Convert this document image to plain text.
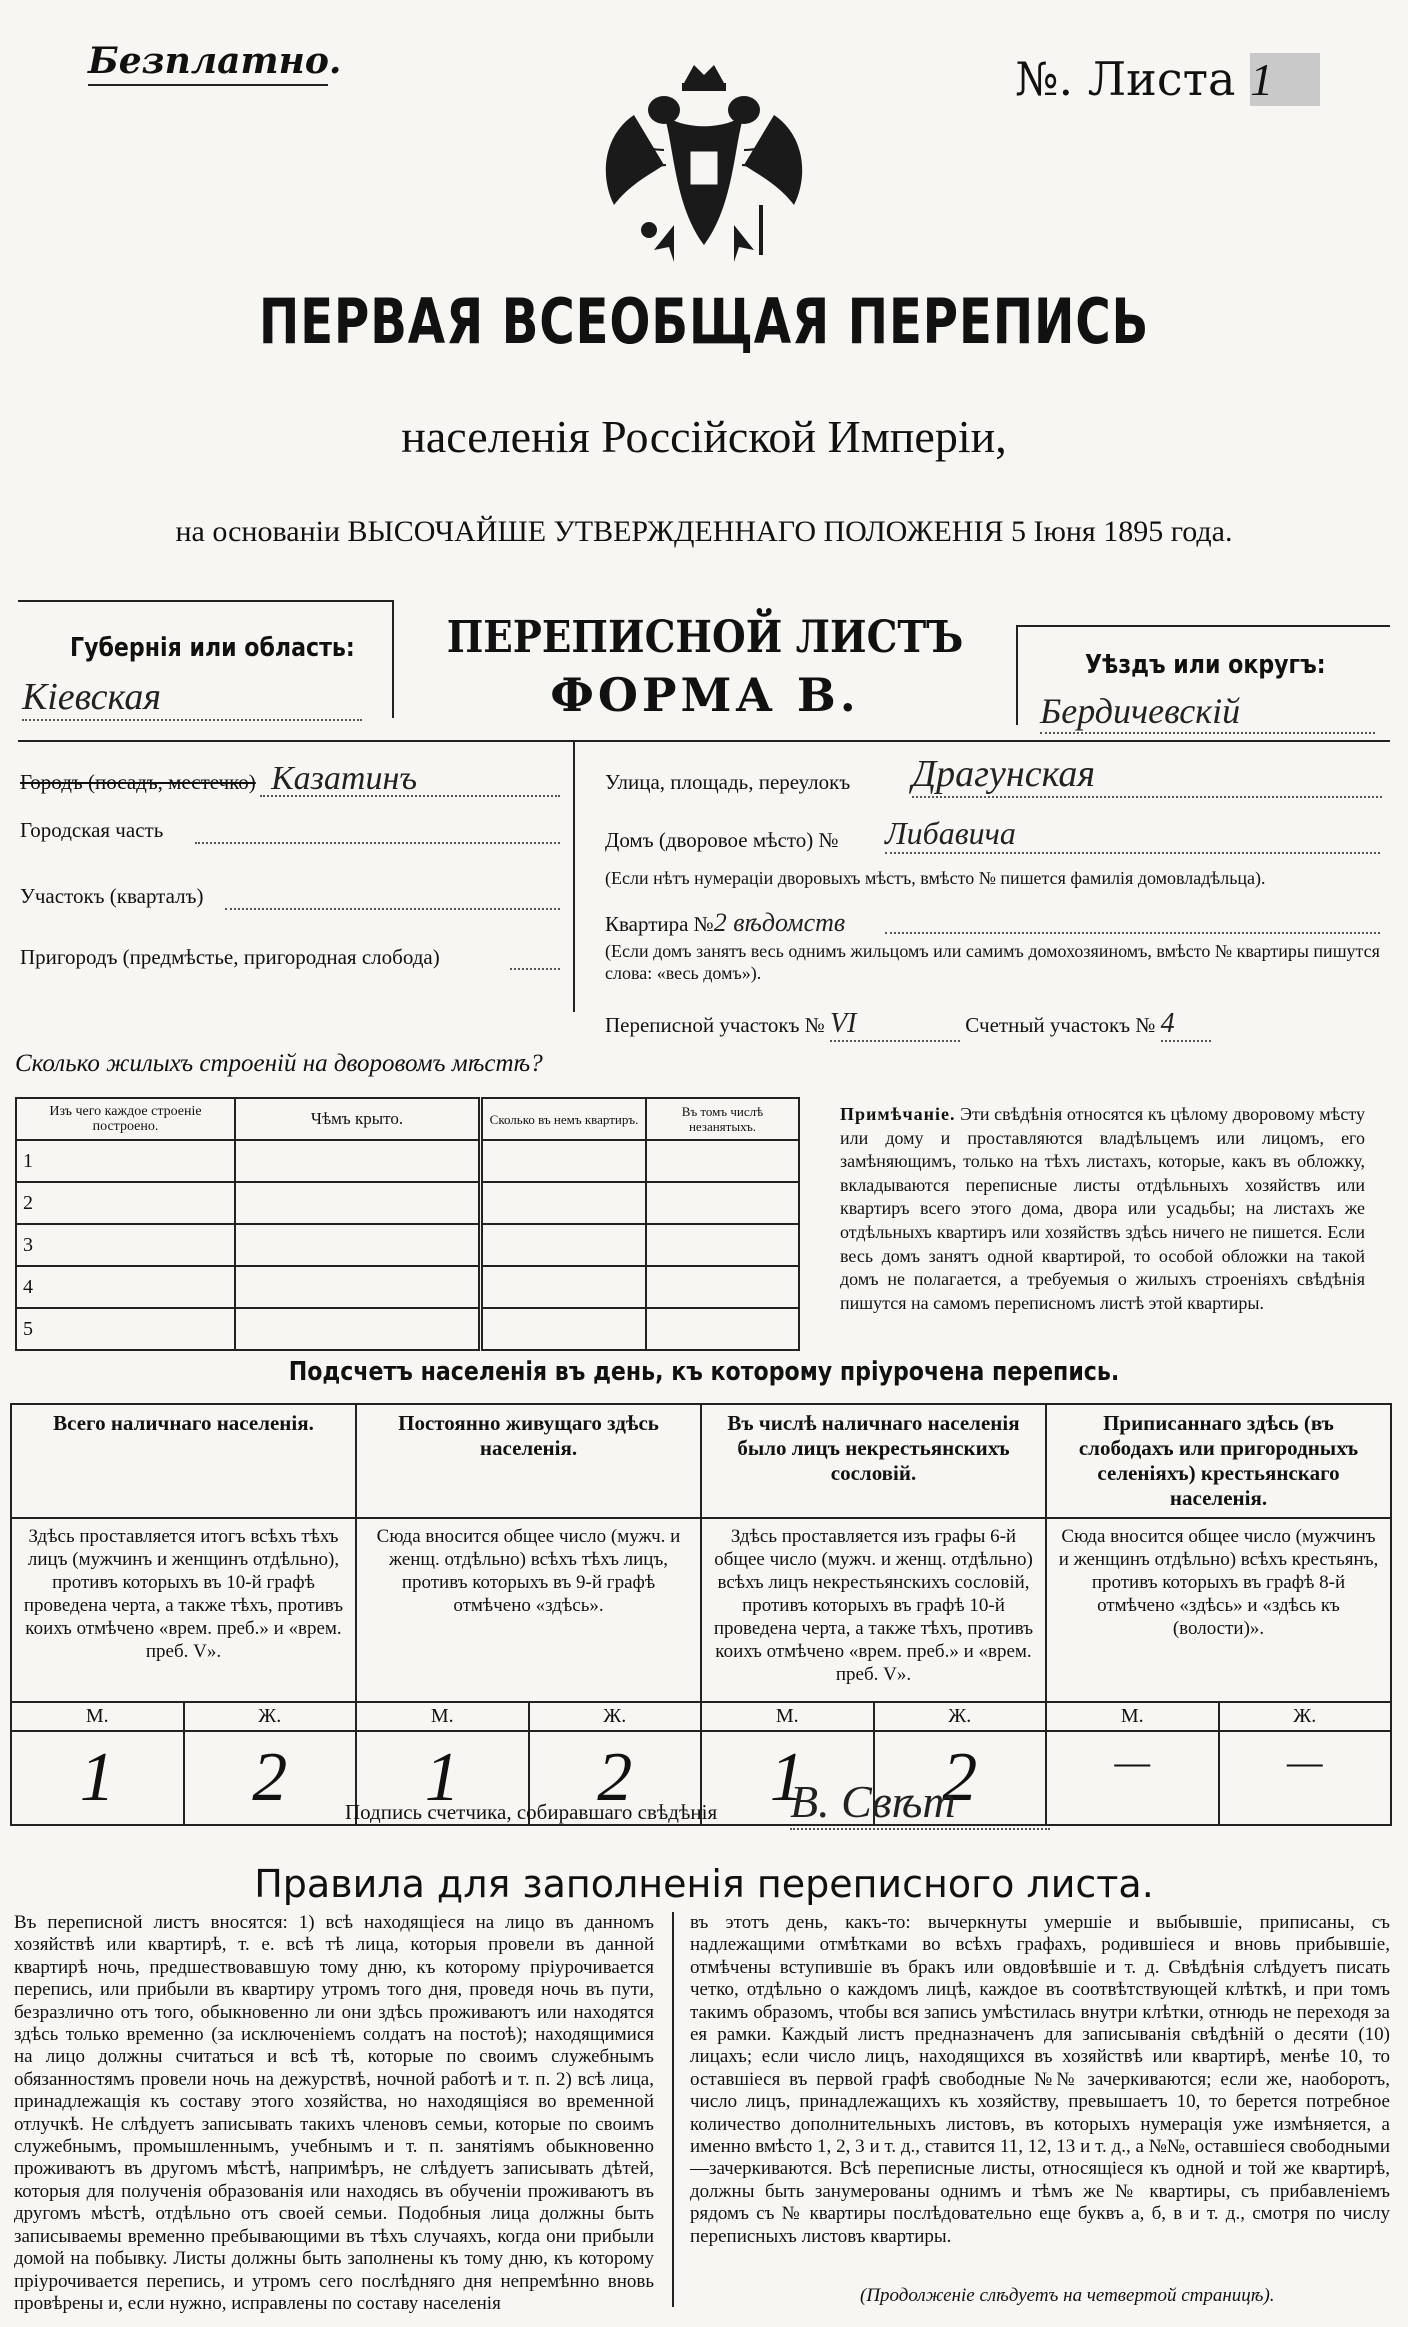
Безплатно.	№. Листа 1
ПЕРВАЯ ВСЕОБЩАЯ ПЕРЕПИСЬ
населенія Россійской Имперіи,
на основаніи ВЫСОЧАЙШЕ УТВЕРЖДЕННАГО ПОЛОЖЕНІЯ 5 Іюня 1895 года.
Губернія или область:
Кіевская
ПЕРЕПИСНОЙ ЛИСТЪ
ФОРМА В.
Уѣздъ или округъ:
Бердичевскій
Городъ (посадъ, местечко) Казатинъ
Городская часть
Участокъ (кварталъ)
Пригородъ (предмѣстье, пригородная слобода)
Улица, площадь, переулокъ Драгунская
Домъ (дворовое мѣсто) № Либавича
(Если нѣтъ нумераціи дворовыхъ мѣстъ, вмѣсто № пишется фамилія домовладѣльца).
Квартира №2 вѣдомств
(Если домъ занятъ весь однимъ жильцомъ или самимъ домохозяиномъ, вмѣсто № квартиры пишутся слова: «весь домъ»).
Переписной участокъ № VI	Счетный участокъ № 4
Сколько жилыхъ строеній на дворовомъ мѣстѣ?
Изъ чего каждое строеніе построено.	Чѣмъ крыто.	Сколько въ немъ квартиръ.	Въ томъ числѣ незанятыхъ.
1			
2			
3			
4			
5			
Примѣчаніе. Эти свѣдѣнія относятся къ цѣлому дворовому мѣсту или дому и проставляются владѣльцемъ или лицомъ, его замѣняющимъ, только на тѣхъ листахъ, которые, какъ въ обложку, вкладываются переписные листы отдѣльныхъ хозяйствъ или квартиръ всего этого дома, двора или усадьбы; на листахъ же отдѣльныхъ квартиръ или хозяйствъ здѣсь ничего не пишется. Если весь домъ занятъ одной квартирой, то особой обложки на такой домъ не полагается, а требуемыя о жилыхъ строеніяхъ свѣдѣнія пишутся на самомъ переписномъ листѣ этой квартиры.
Подсчетъ населенія въ день, къ которому пріурочена перепись.
Всего наличнаго населенія.		Постоянно живущаго здѣсь населенія.		Въ числѣ наличнаго населенія было лицъ некрестьянскихъ сословій.		Приписаннаго здѣсь (въ слободахъ или пригородныхъ селеніяхъ) крестьянскаго населенія.	
Здѣсь проставляется итогъ всѣхъ тѣхъ лицъ (мужчинъ и женщинъ отдѣльно), противъ которыхъ въ 10-й графѣ проведена черта, а также тѣхъ, противъ коихъ отмѣчено «врем. преб.» и «врем. преб. V».		Сюда вносится общее число (мужч. и женщ. отдѣльно) всѣхъ тѣхъ лицъ, противъ которыхъ въ 9-й графѣ отмѣчено «здѣсь».		Здѣсь проставляется изъ графы 6-й общее число (мужч. и женщ. отдѣльно) всѣхъ лицъ некрестьянскихъ сословій, противъ которыхъ въ графѣ 10-й проведена черта, а также тѣхъ, противъ коихъ отмѣчено «врем. преб.» и «врем. преб. V».		Сюда вносится общее число (мужчинъ и женщинъ отдѣльно) всѣхъ крестьянъ, противъ которыхъ въ графѣ 8-й отмѣчено «здѣсь» и «здѣсь къ (волости)».	
М.	Ж.	М.	Ж.	М.	Ж.	М.	Ж.
1	2	1	2	1	2	—	—
Подпись счетчика, собиравшаго свѣдѣнія В. Свѣт
Правила для заполненія переписного листа.
Въ переписной листъ вносятся: 1) всѣ находящіеся на лицо въ данномъ хозяйствѣ или квартирѣ, т. е. всѣ тѣ лица, которыя провели въ данной квартирѣ ночь, предшествовавшую тому дню, къ которому пріурочивается перепись, или прибыли въ квартиру утромъ того дня, проведя ночь въ пути, безразлично отъ того, обыкновенно ли они здѣсь проживаютъ или находятся здѣсь только временно (за исключеніемъ солдатъ на постоѣ); находящимися на лицо должны считаться и всѣ тѣ, которые по своимъ служебнымъ обязанностямъ провели ночь на дежурствѣ, ночной работѣ и т. п. 2) всѣ лица, принадлежащія къ составу этого хозяйства, но находящіяся во временной отлучкѣ. Не слѣдуетъ записывать такихъ членовъ семьи, которые по своимъ служебнымъ, промышленнымъ, учебнымъ и т. п. занятіямъ обыкновенно проживаютъ въ другомъ мѣстѣ, напримѣръ, не слѣдуетъ записывать дѣтей, которыя для полученія образованія или находясь въ обученіи проживаютъ въ другомъ мѣстѣ, отдѣльно отъ своей семьи. Подобныя лица должны быть записываемы временно пребывающими въ тѣхъ случаяхъ, когда они прибыли домой на побывку. Листы должны быть заполнены къ тому дню, къ которому пріурочивается перепись, и утромъ сего послѣдняго дня непремѣнно вновь провѣрены и, если нужно, исправлены по составу населенія
въ этотъ день, какъ-то: вычеркнуты умершіе и выбывшіе, приписаны, съ надлежащими отмѣтками во всѣхъ графахъ, родившіеся и вновь прибывшіе, отмѣчены вступившіе въ бракъ или овдовѣвшіе и т. д. Свѣдѣнія слѣдуетъ писать четко, отдѣльно о каждомъ лицѣ, каждое въ соотвѣтствующей клѣткѣ, и при томъ такимъ образомъ, чтобы вся запись умѣстилась внутри клѣтки, отнюдь не переходя за ея рамки. Каждый листъ предназначенъ для записыванія свѣдѣній о десяти (10) лицахъ; если число лицъ, находящихся въ хозяйствѣ или квартирѣ, менѣе 10, то оставшіеся въ первой графѣ свободные №№ зачеркиваются; если же, наоборотъ, число лицъ, принадлежащихъ къ хозяйству, превышаетъ 10, то берется потребное количество дополнительныхъ листовъ, въ которыхъ нумерація уже измѣняется, а именно вмѣсто 1, 2, 3 и т. д., ставится 11, 12, 13 и т. д., а №№, оставшіеся свободными—зачеркиваются. Всѣ переписные листы, относящіеся къ одной и той же квартирѣ, должны быть занумерованы однимъ и тѣмъ же № квартиры, съ прибавленіемъ рядомъ съ № квартиры послѣдовательно еще буквъ а, б, в и т. д., смотря по числу переписныхъ листовъ квартиры.
(Продолженіе слѣдуетъ на четвертой страницѣ).
